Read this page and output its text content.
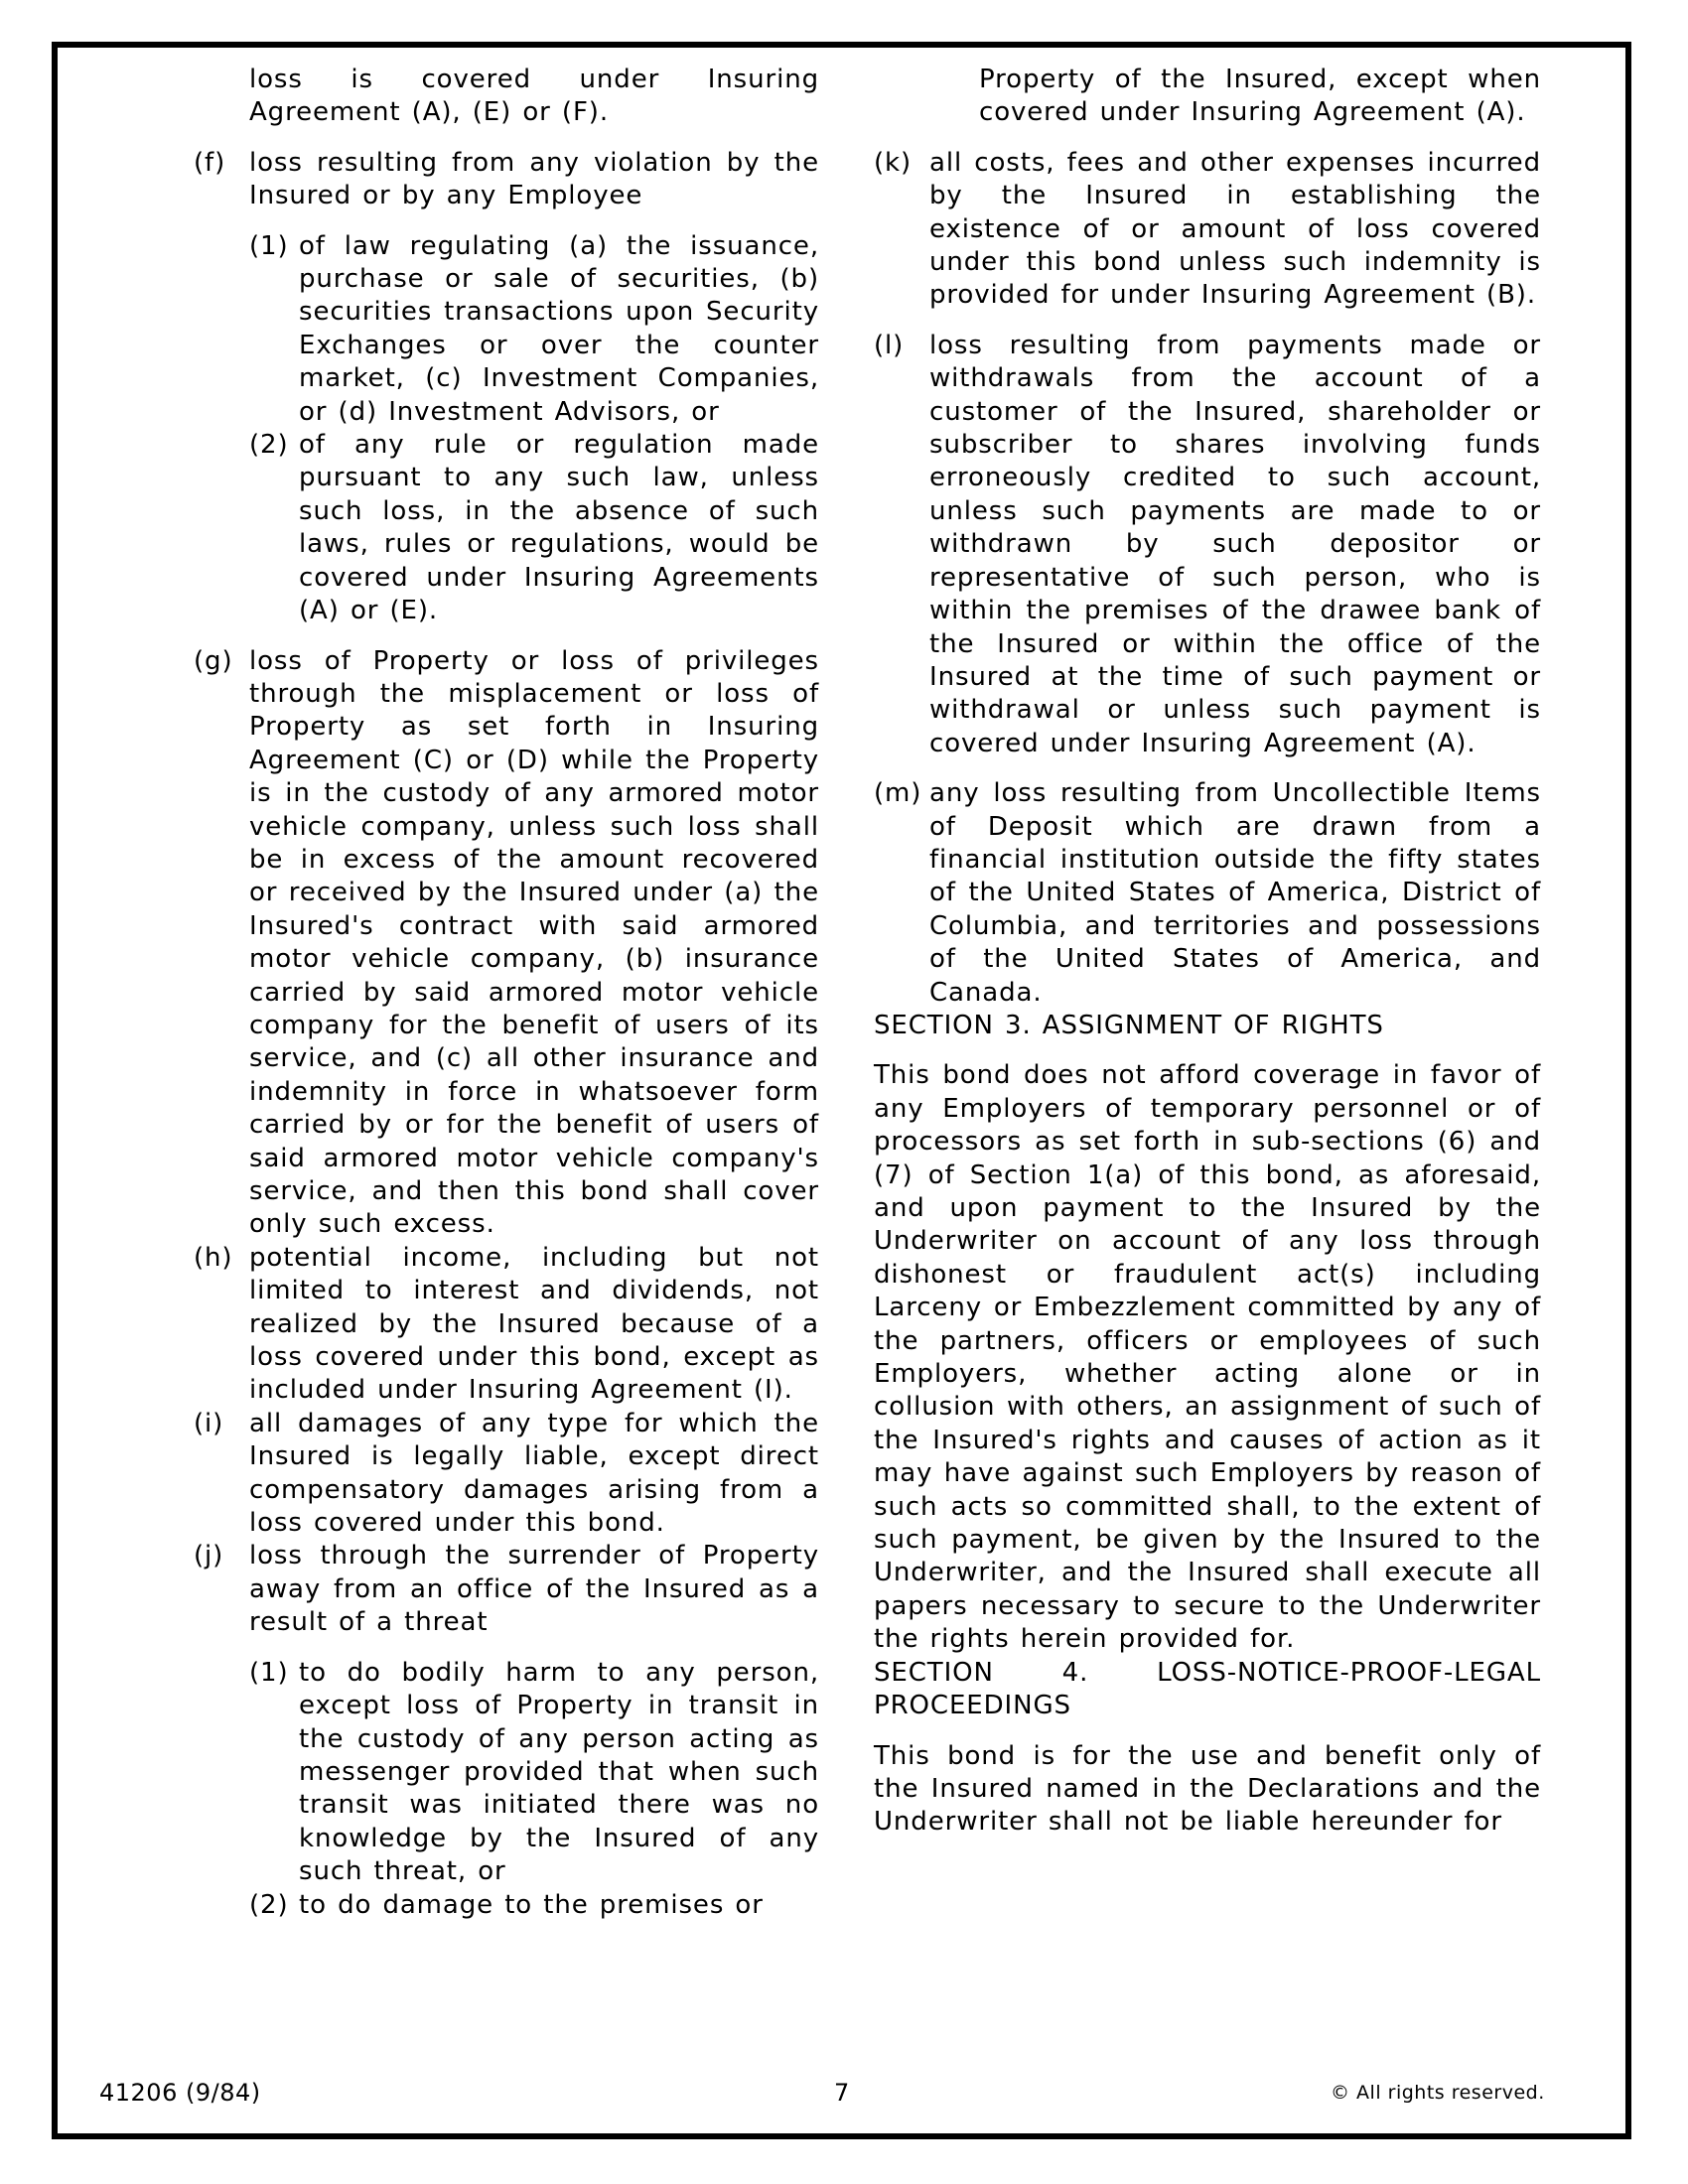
loss is covered under Insuring Agreement (A), (E) or (F).
(f) loss resulting from any violation by the Insured or by any Employee
(1) of law regulating (a) the issuance, purchase or sale of securities, (b) securities transactions upon Security Exchanges or over the counter market, (c) Investment Companies, or (d) Investment Advisors, or
(2) of any rule or regulation made pursuant to any such law, unless such loss, in the absence of such laws, rules or regulations, would be covered under Insuring Agreements (A) or (E).
(g) loss of Property or loss of privileges through the misplacement or loss of Property as set forth in Insuring Agreement (C) or (D) while the Property is in the custody of any armored motor vehicle company, unless such loss shall be in excess of the amount recovered or received by the Insured under (a) the Insured's contract with said armored motor vehicle company, (b) insurance carried by said armored motor vehicle company for the benefit of users of its service, and (c) all other insurance and indemnity in force in whatsoever form carried by or for the benefit of users of said armored motor vehicle company's service, and then this bond shall cover only such excess.
(h) potential income, including but not limited to interest and dividends, not realized by the Insured because of a loss covered under this bond, except as included under Insuring Agreement (I).
(i) all damages of any type for which the Insured is legally liable, except direct compensatory damages arising from a loss covered under this bond.
(j) loss through the surrender of Property away from an office of the Insured as a result of a threat
(1) to do bodily harm to any person, except loss of Property in transit in the custody of any person acting as messenger provided that when such transit was initiated there was no knowledge by the Insured of any such threat, or
(2) to do damage to the premises or
Property of the Insured, except when covered under Insuring Agreement (A).
(k) all costs, fees and other expenses incurred by the Insured in establishing the existence of or amount of loss covered under this bond unless such indemnity is provided for under Insuring Agreement (B).
(l) loss resulting from payments made or withdrawals from the account of a customer of the Insured, shareholder or subscriber to shares involving funds erroneously credited to such account, unless such payments are made to or withdrawn by such depositor or representative of such person, who is within the premises of the drawee bank of the Insured or within the office of the Insured at the time of such payment or withdrawal or unless such payment is covered under Insuring Agreement (A).
(m) any loss resulting from Uncollectible Items of Deposit which are drawn from a financial institution outside the fifty states of the United States of America, District of Columbia, and territories and possessions of the United States of America, and Canada.
SECTION 3. ASSIGNMENT OF RIGHTS

This bond does not afford coverage in favor of any Employers of temporary personnel or of processors as set forth in sub-sections (6) and (7) of Section 1(a) of this bond, as aforesaid, and upon payment to the Insured by the Underwriter on account of any loss through dishonest or fraudulent act(s) including Larceny or Embezzlement committed by any of the partners, officers or employees of such Employers, whether acting alone or in collusion with others, an assignment of such of the Insured's rights and causes of action as it may have against such Employers by reason of such acts so committed shall, to the extent of such payment, be given by the Insured to the Underwriter, and the Insured shall execute all papers necessary to secure to the Underwriter the rights herein provided for.

SECTION 4. LOSS-NOTICE-PROOF-LEGAL PROCEEDINGS

This bond is for the use and benefit only of the Insured named in the Declarations and the Underwriter shall not be liable hereunder for

41206 (9/84)	7	© All rights reserved.
